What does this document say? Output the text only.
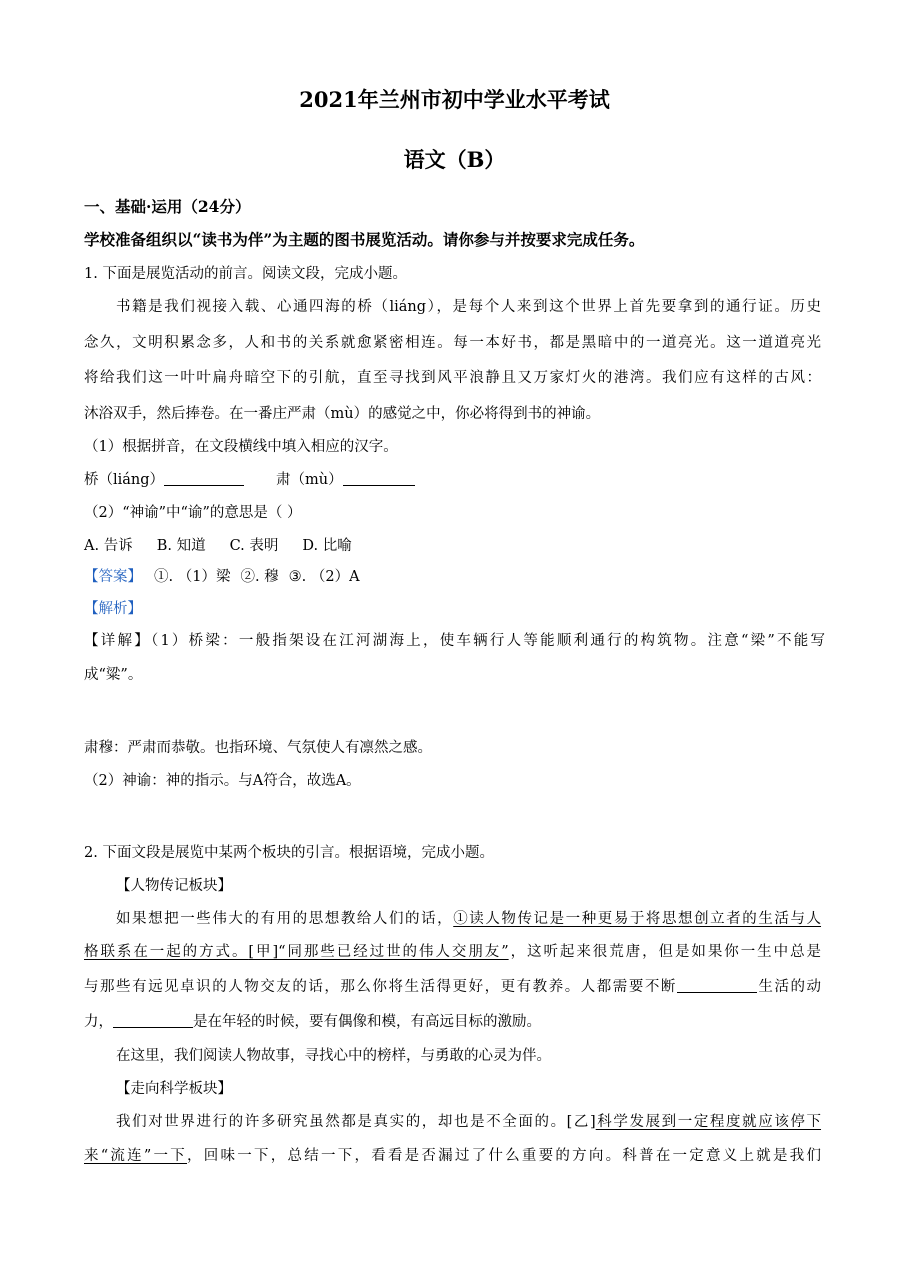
2021年兰州市初中学业水平考试
语文（B）
一、基础·运用（24分）
学校准备组织以“读书为伴”为主题的图书展览活动。请你参与并按要求完成任务。
1. 下面是展览活动的前言。阅读文段，完成小题。
书籍是我们视接入载、心通四海的桥（liáng），是每个人来到这个世界上首先要拿到的通行证。历史
念久，文明积累念多，人和书的关系就愈紧密相连。每一本好书，都是黑暗中的一道亮光。这一道道亮光
将给我们这一叶叶扁舟暗空下的引航，直至寻找到风平浪静且又万家灯火的港湾。我们应有这样的古风：
沐浴双手，然后捧卷。在一番庄严肃（mù）的感觉之中，你必将得到书的神谕。
（1）根据拼音，在文段横线中填入相应的汉字。
桥（liáng）	肃（mù）
（2）“神谕”中“谕”的意思是（ ）
A. 告诉 B. 知道 C. 表明 D. 比喻
【答案】 ①. （1）梁 ②. 穆 ③. （2）A
【解析】
【详解】（1）桥梁：一般指架设在江河湖海上，使车辆行人等能顺利通行的构筑物。注意“梁”不能写
成“粱”。
肃穆：严肃而恭敬。也指环境、气氛使人有凛然之感。
（2）神谕：神的指示。与A符合，故选A。
2. 下面文段是展览中某两个板块的引言。根据语境，完成小题。
【人物传记板块】
如果想把一些伟大的有用的思想教给人们的话，①读人物传记是一种更易于将思想创立者的生活与人
格联系在一起的方式。[甲]“同那些已经过世的伟人交朋友”，这听起来很荒唐，但是如果你一生中总是
与那些有远见卓识的人物交友的话，那么你将生活得更好，更有教养。人都需要不断	生活的动
力，	是在年轻的时候，要有偶像和模，有高远目标的激励。
在这里，我们阅读人物故事，寻找心中的榜样，与勇敢的心灵为伴。
【走向科学板块】
我们对世界进行的许多研究虽然都是真实的，却也是不全面的。[乙]科学发展到一定程度就应该停下
来“流连”一下，回味一下，总结一下，看看是否漏过了什么重要的方向。科普在一定意义上就是我们
